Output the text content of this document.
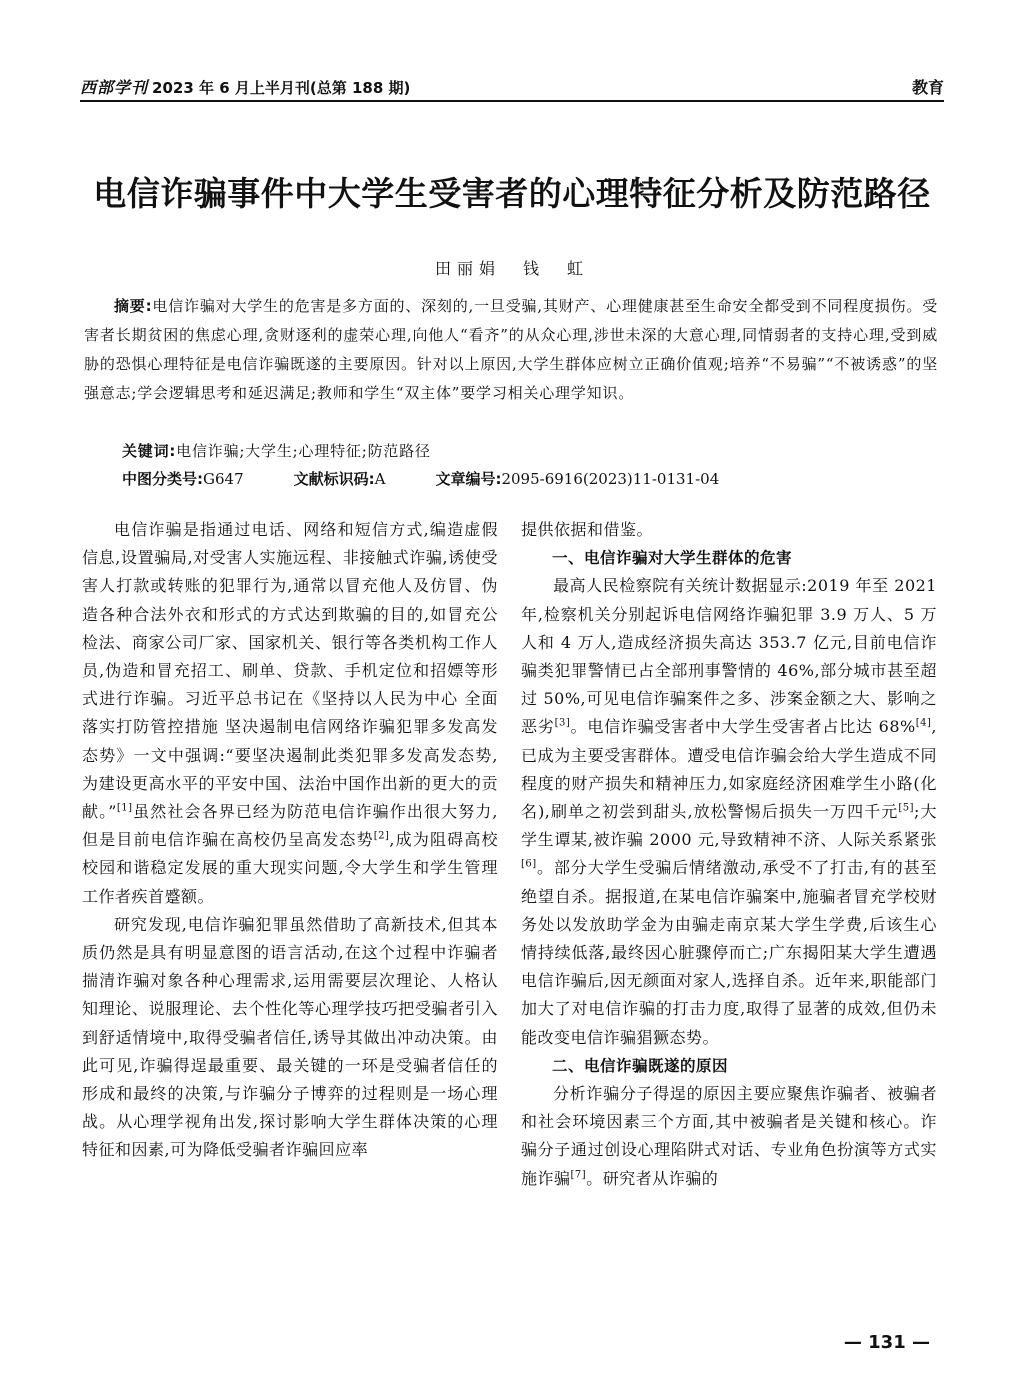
西部学刊 2023 年 6 月上半月刊(总第 188 期)	教育
电信诈骗事件中大学生受害者的心理特征分析及防范路径
田丽娟　钱　虹

摘要:电信诈骗对大学生的危害是多方面的、深刻的,一旦受骗,其财产、心理健康甚至生命安全都受到不同程度损伤。受害者长期贫困的焦虑心理,贪财逐利的虚荣心理,向他人“看齐”的从众心理,涉世未深的大意心理,同情弱者的支持心理,受到威胁的恐惧心理特征是电信诈骗既遂的主要原因。针对以上原因,大学生群体应树立正确价值观;培养“不易骗”“不被诱惑”的坚强意志;学会逻辑思考和延迟满足;教师和学生“双主体”要学习相关心理学知识。

关键词:电信诈骗;大学生;心理特征;防范路径
中图分类号:G647	文献标识码:A	文章编号:2095-6916(2023)11-0131-04

电信诈骗是指通过电话、网络和短信方式,编造虚假信息,设置骗局,对受害人实施远程、非接触式诈骗,诱使受害人打款或转账的犯罪行为,通常以冒充他人及仿冒、伪造各种合法外衣和形式的方式达到欺骗的目的,如冒充公检法、商家公司厂家、国家机关、银行等各类机构工作人员,伪造和冒充招工、刷单、贷款、手机定位和招嫖等形式进行诈骗。习近平总书记在《坚持以人民为中心 全面落实打防管控措施 坚决遏制电信网络诈骗犯罪多发高发态势》一文中强调:“要坚决遏制此类犯罪多发高发态势,为建设更高水平的平安中国、法治中国作出新的更大的贡献。”[1]虽然社会各界已经为防范电信诈骗作出很大努力,但是目前电信诈骗在高校仍呈高发态势[2],成为阻碍高校校园和谐稳定发展的重大现实问题,令大学生和学生管理工作者疾首蹙额。

研究发现,电信诈骗犯罪虽然借助了高新技术,但其本质仍然是具有明显意图的语言活动,在这个过程中诈骗者揣清诈骗对象各种心理需求,运用需要层次理论、人格认知理论、说服理论、去个性化等心理学技巧把受骗者引入到舒适情境中,取得受骗者信任,诱导其做出冲动决策。由此可见,诈骗得逞最重要、最关键的一环是受骗者信任的形成和最终的决策,与诈骗分子博弈的过程则是一场心理战。从心理学视角出发,探讨影响大学生群体决策的心理特征和因素,可为降低受骗者诈骗回应率

提供依据和借鉴。

一、电信诈骗对大学生群体的危害

最高人民检察院有关统计数据显示:2019 年至 2021 年,检察机关分别起诉电信网络诈骗犯罪 3.9 万人、5 万人和 4 万人,造成经济损失高达 353.7 亿元,目前电信诈骗类犯罪警情已占全部刑事警情的 46%,部分城市甚至超过 50%,可见电信诈骗案件之多、涉案金额之大、影响之恶劣[3]。电信诈骗受害者中大学生受害者占比达 68%[4],已成为主要受害群体。遭受电信诈骗会给大学生造成不同程度的财产损失和精神压力,如家庭经济困难学生小路(化名),刷单之初尝到甜头,放松警惕后损失一万四千元[5];大学生谭某,被诈骗 2000 元,导致精神不济、人际关系紧张[6]。部分大学生受骗后情绪激动,承受不了打击,有的甚至绝望自杀。据报道,在某电信诈骗案中,施骗者冒充学校财务处以发放助学金为由骗走南京某大学生学费,后该生心情持续低落,最终因心脏骤停而亡;广东揭阳某大学生遭遇电信诈骗后,因无颜面对家人,选择自杀。近年来,职能部门加大了对电信诈骗的打击力度,取得了显著的成效,但仍未能改变电信诈骗猖獗态势。

二、电信诈骗既遂的原因

分析诈骗分子得逞的原因主要应聚焦诈骗者、被骗者和社会环境因素三个方面,其中被骗者是关键和核心。诈骗分子通过创设心理陷阱式对话、专业角色扮演等方式实施诈骗[7]。研究者从诈骗的

— 131 —
